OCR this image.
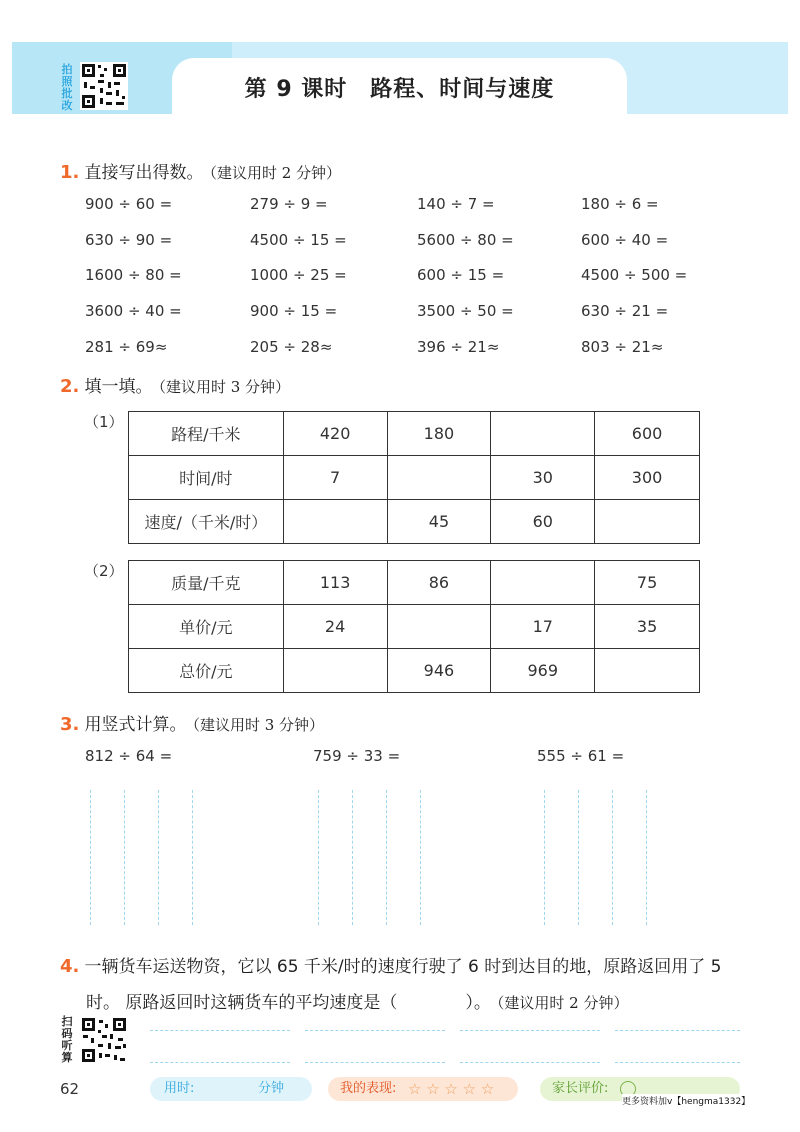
第 9 课时　路程、时间与速度
拍照批改
1. 直接写出得数。 （建议用时 2 分钟）
900 ÷ 60 =	279 ÷ 9 =	140 ÷ 7 =	180 ÷ 6 =
630 ÷ 90 =	4500 ÷ 15 =	5600 ÷ 80 =	600 ÷ 40 =
1600 ÷ 80 =	1000 ÷ 25 =	600 ÷ 15 =	4500 ÷ 500 =
3600 ÷ 40 =	900 ÷ 15 =	3500 ÷ 50 =	630 ÷ 21 =
281 ÷ 69≈	205 ÷ 28≈	396 ÷ 21≈	803 ÷ 21≈
2. 填一填。 （建议用时 3 分钟）
（1）
路程/千米	420	180		600
时间/时	7		30	300
速度/（千米/时）		45	60	
（2）
质量/千克	113	86		75
单价/元	24		17	35
总价/元		946	969	
3. 用竖式计算。 （建议用时 3 分钟）
812 ÷ 64 =	759 ÷ 33 =	555 ÷ 61 =
4. 一辆货车运送物资，它以 65 千米/时的速度行驶了 6 时到达目的地，原路返回用了 5
时。 原路返回时这辆货车的平均速度是（　　　　）。 （建议用时 2 分钟）
扫码听算
62	用时:	分钟	我的表现: ☆ ☆ ☆ ☆ ☆	家长评价:
更多资料加v【hengma1332】
